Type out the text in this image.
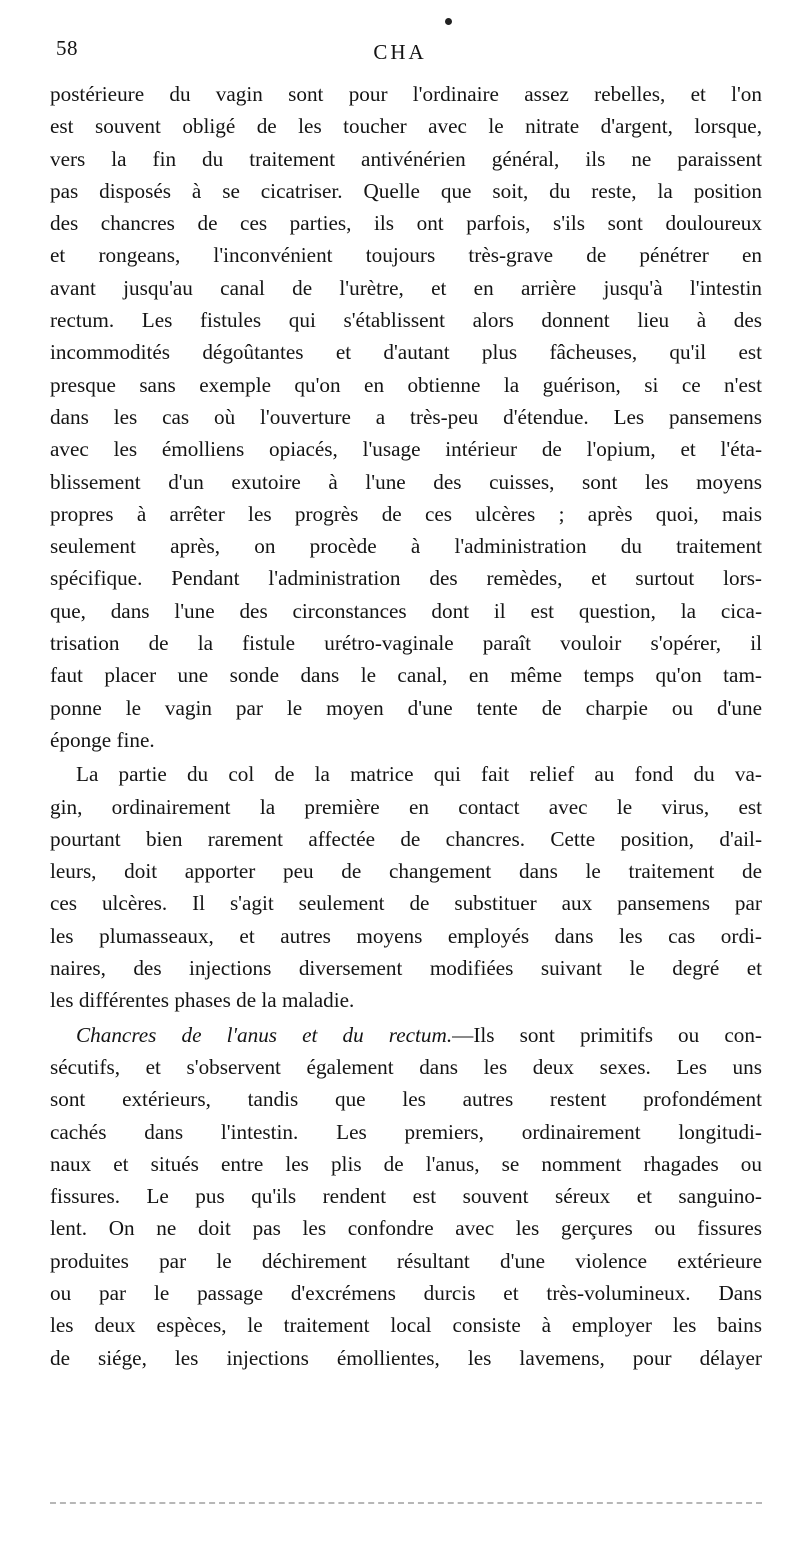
58	CHA
postérieure du vagin sont pour l'ordinaire assez rebelles, et l'on
est souvent obligé de les toucher avec le nitrate d'argent, lorsque,
vers la fin du traitement antivénérien général, ils ne paraissent
pas disposés à se cicatriser. Quelle que soit, du reste, la position
des chancres de ces parties, ils ont parfois, s'ils sont douloureux
et rongeans, l'inconvénient toujours très-grave de pénétrer en
avant jusqu'au canal de l'urètre, et en arrière jusqu'à l'intestin
rectum. Les fistules qui s'établissent alors donnent lieu à des
incommodités dégoûtantes et d'autant plus fâcheuses, qu'il est
presque sans exemple qu'on en obtienne la guérison, si ce n'est
dans les cas où l'ouverture a très-peu d'étendue. Les pansemens
avec les émolliens opiacés, l'usage intérieur de l'opium, et l'éta-
blissement d'un exutoire à l'une des cuisses, sont les moyens
propres à arrêter les progrès de ces ulcères ; après quoi, mais
seulement après, on procède à l'administration du traitement
spécifique. Pendant l'administration des remèdes, et surtout lors-
que, dans l'une des circonstances dont il est question, la cica-
trisation de la fistule urétro-vaginale paraît vouloir s'opérer, il
faut placer une sonde dans le canal, en même temps qu'on tam-
ponne le vagin par le moyen d'une tente de charpie ou d'une
éponge fine.
La partie du col de la matrice qui fait relief au fond du va-
gin, ordinairement la première en contact avec le virus, est
pourtant bien rarement affectée de chancres. Cette position, d'ail-
leurs, doit apporter peu de changement dans le traitement de
ces ulcères. Il s'agit seulement de substituer aux pansemens par
les plumasseaux, et autres moyens employés dans les cas ordi-
naires, des injections diversement modifiées suivant le degré et
les différentes phases de la maladie.
Chancres de l'anus et du rectum.—Ils sont primitifs ou con-
sécutifs, et s'observent également dans les deux sexes. Les uns
sont extérieurs, tandis que les autres restent profondément
cachés dans l'intestin. Les premiers, ordinairement longitudi-
naux et situés entre les plis de l'anus, se nomment rhagades ou
fissures. Le pus qu'ils rendent est souvent séreux et sanguino-
lent. On ne doit pas les confondre avec les gerçures ou fissures
produites par le déchirement résultant d'une violence extérieure
ou par le passage d'excrémens durcis et très-volumineux. Dans
les deux espèces, le traitement local consiste à employer les bains
de siége, les injections émollientes, les lavemens, pour délayer
